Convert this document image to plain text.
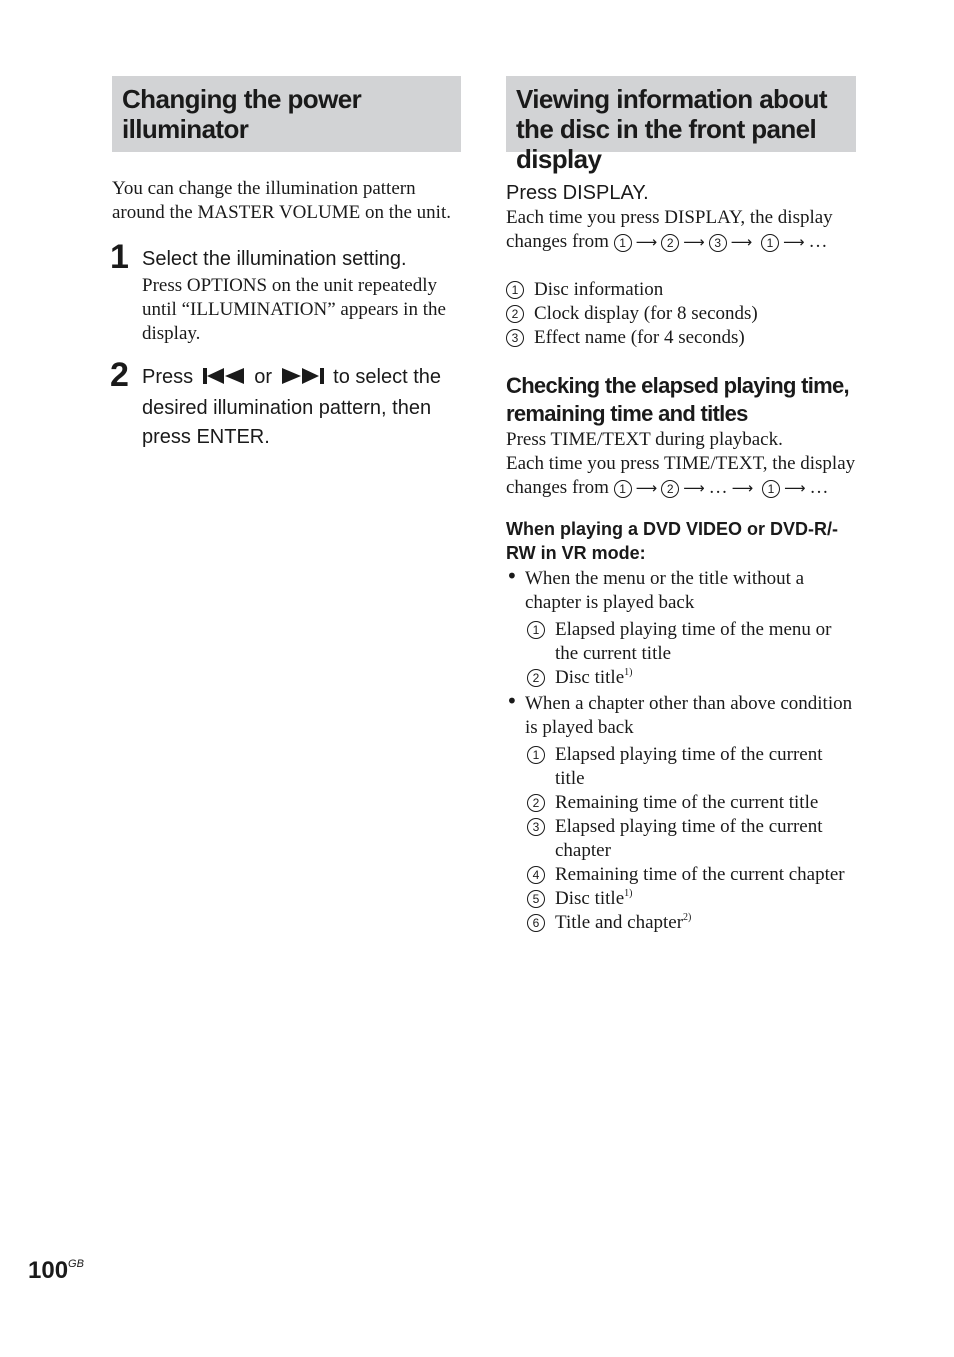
Changing the power illuminator
You can change the illumination pattern around the MASTER VOLUME on the unit.
1 Select the illumination setting.
Press OPTIONS on the unit repeatedly until “ILLUMINATION” appears in the display.
2 Press	or	to select the desired illumination pattern, then press ENTER.
Viewing information about the disc in the front panel display
Press DISPLAY.
Each time you press DISPLAY, the display changes from 1 ⟶ 2 ⟶ 3 ⟶ 1 ⟶ …
1 Disc information
2 Clock display (for 8 seconds)
3 Effect name (for 4 seconds)
Checking the elapsed playing time, remaining time and titles
Press TIME/TEXT during playback.
Each time you press TIME/TEXT, the display changes from 1 ⟶ 2 ⟶ … ⟶ 1 ⟶ …
When playing a DVD VIDEO or DVD-R/-RW in VR mode:
• When the menu or the title without a chapter is played back
1 Elapsed playing time of the menu or the current title
2 Disc title$^{1)}$
• When a chapter other than above condition is played back
1 Elapsed playing time of the current title
2 Remaining time of the current title
3 Elapsed playing time of the current chapter
4 Remaining time of the current chapter
5 Disc title$^{1)}$
6 Title and chapter$^{2)}$
$100^{GB}$
